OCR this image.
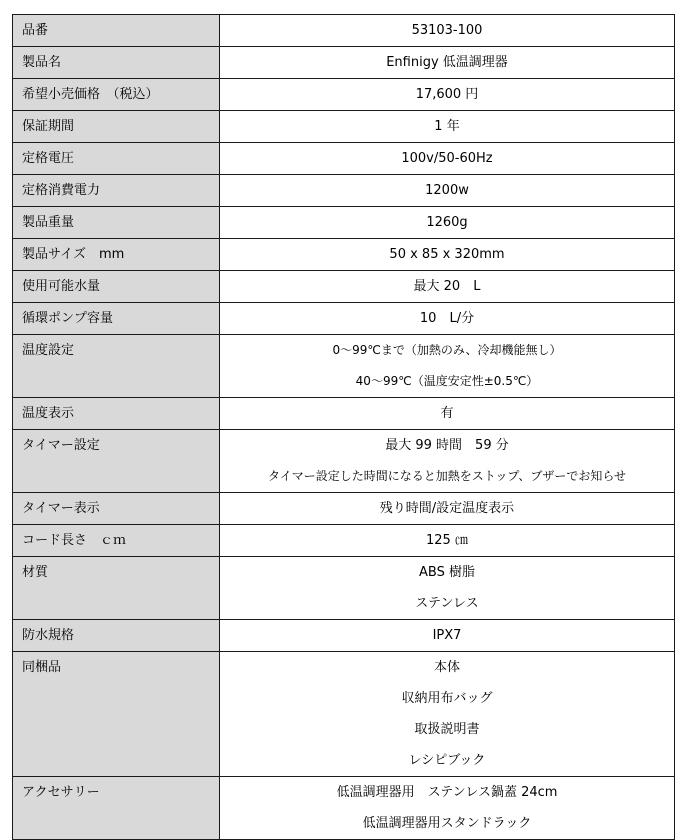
品番	53103-100

製品名	Enfinigy 低温調理器

希望小売価格　（税込）	17,600 円

保証期間	1 年

定格電圧	100v/50-60Hz

定格消費電力	1200w

製品重量	1260g

製品サイズ　mm	50 x 85 x 320mm

使用可能水量	最大 20　L

循環ポンプ容量	10　L/分

温度設定	0～99℃まで（加熱のみ、冷却機能無し）
40～99℃（温度安定性±0.5℃）

温度表示	有

タイマー設定	最大 99 時間　59 分
タイマー設定した時間になると加熱をストップ、ブザーでお知らせ

タイマー表示	残り時間/設定温度表示

コード長さ　ｃｍ	125 ㎝

材質	ABS 樹脂
ステンレス

防水規格	IPX7

同梱品	本体
収納用布バッグ
取扱説明書
レシピブック

アクセサリー	低温調理器用　ステンレス鍋蓋 24cm
低温調理器用スタンドラック
